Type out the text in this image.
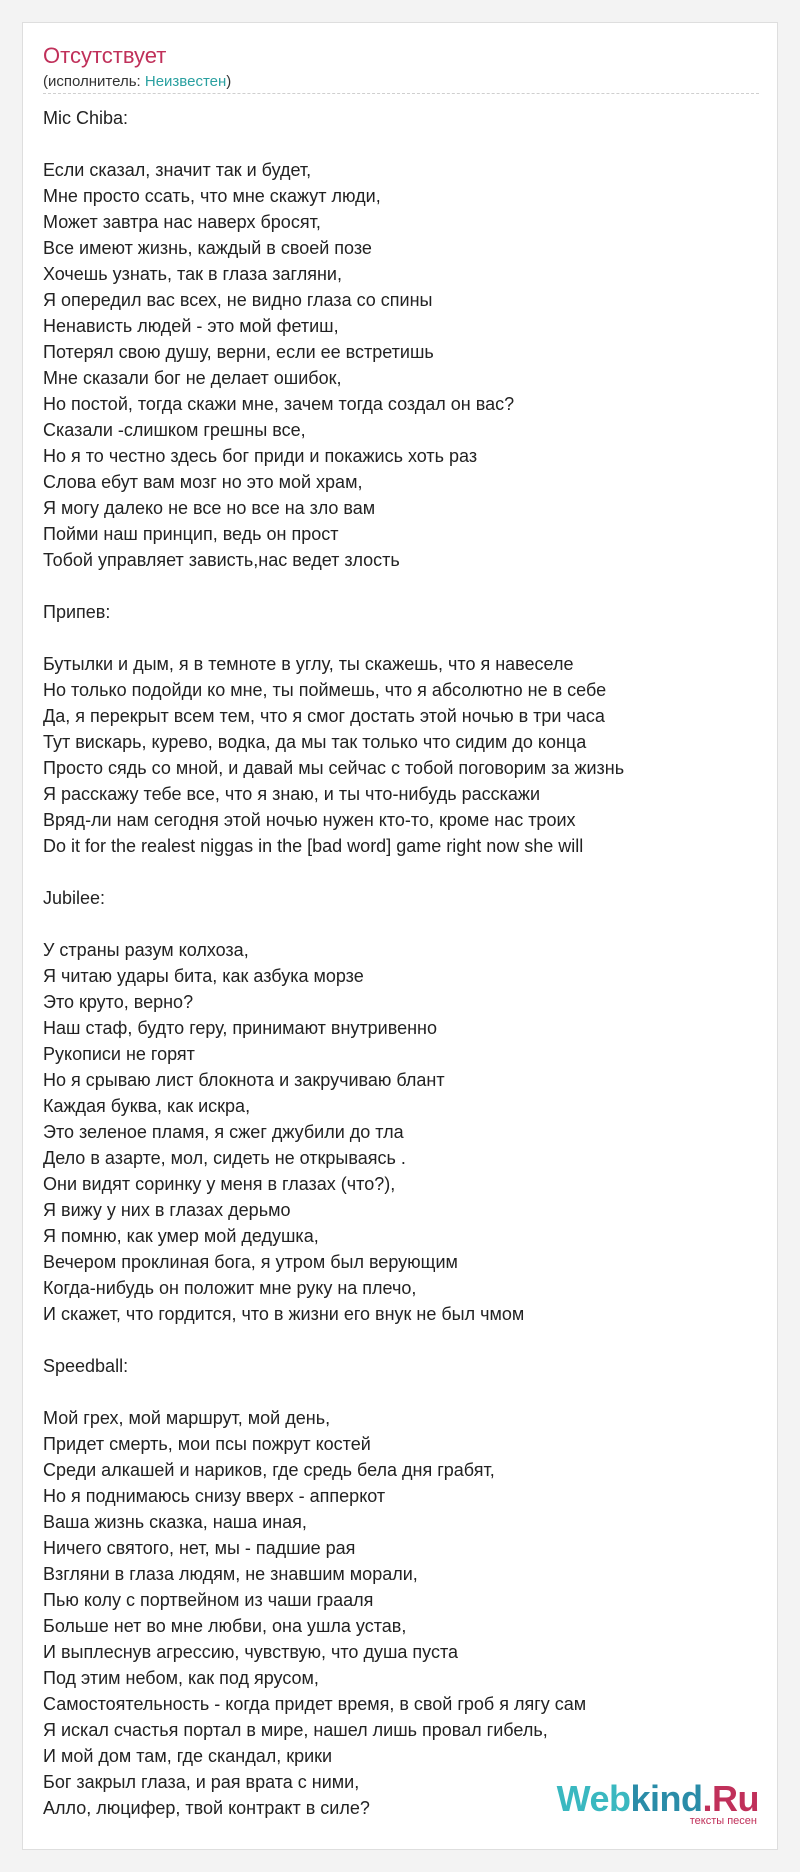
Отсутствует
(исполнитель: Неизвестен)
Mic Chiba:
Если сказал, значит так и будет,
Мне просто ссать, что мне скажут люди,
Может завтра нас наверх бросят,
Все имеют жизнь, каждый в своей позе
Хочешь узнать, так в глаза загляни,
Я опередил вас всех, не видно глаза со спины
Ненависть людей - это мой фетиш,
Потерял свою душу, верни, если ее встретишь
Мне сказали бог не делает ошибок,
Но постой, тогда скажи мне, зачем тогда создал он вас?
Сказали -слишком грешны все,
Но я то честно здесь бог приди и покажись хоть раз
Слова ебут вам мозг но это мой храм,
Я могу далеко не все но все на зло вам
Пойми наш принцип, ведь он прост
Тобой управляет зависть,нас ведет злость
Припев:
Бутылки и дым, я в темноте в углу, ты скажешь, что я навеселе
Но только подойди ко мне, ты поймешь, что я абсолютно не в себе
Да, я перекрыт всем тем, что я смог достать этой ночью в три часа
Тут вискарь, курево, водка, да мы так только что сидим до конца
Просто сядь со мной, и давай мы сейчас с тобой поговорим за жизнь
Я расскажу тебе все, что я знаю, и ты что-нибудь расскажи
Вряд-ли нам сегодня этой ночью нужен кто-то, кроме нас троих
Do it for the realest niggas in the [bad word] game right now she will
Jubilee:
У страны разум колхоза,
Я читаю удары бита, как азбука морзе
Это круто, верно?
Наш стаф, будто геру, принимают внутривенно
Рукописи не горят
Но я срываю лист блокнота и закручиваю блант
Каждая буква, как искра,
Это зеленое пламя, я сжег джубили до тла
Дело в азарте, мол, сидеть не открываясь .
Они видят соринку у меня в глазах (что?),
Я вижу у них в глазах дерьмо
Я помню, как умер мой дедушка,
Вечером проклиная бога, я утром был верующим
Когда-нибудь он положит мне руку на плечо,
И скажет, что гордится, что в жизни его внук не был чмом
Speedball:
Мой грех, мой маршрут, мой день,
Придет смерть, мои псы пожрут костей
Среди алкашей и нариков, где средь бела дня грабят,
Но я поднимаюсь снизу вверх - апперкот
Ваша жизнь сказка, наша иная,
Ничего святого, нет, мы - падшие рая
Взгляни в глаза людям, не знавшим морали,
Пью колу с портвейном из чаши грааля
Больше нет во мне любви, она ушла устав,
И выплеснув агрессию, чувствую, что душа пуста
Под этим небом, как под ярусом,
Самостоятельность - когда придет время, в свой гроб я лягу сам
Я искал счастья портал в мире, нашел лишь провал гибель,
И мой дом там, где скандал, крики
Бог закрыл глаза, и рая врата с ними,
Алло, люцифер, твой контракт в силе?	Webkind.Ru
тексты песен
